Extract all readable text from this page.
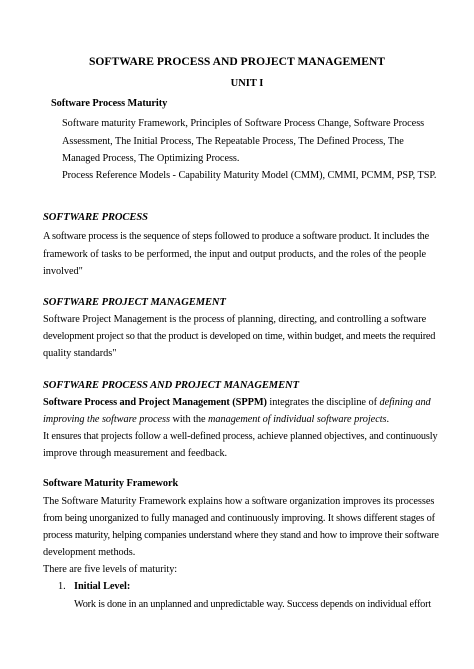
SOFTWARE PROCESS AND PROJECT MANAGEMENT
UNIT I
Software Process Maturity
Software maturity Framework, Principles of Software Process Change, Software Process
Assessment, The Initial Process, The Repeatable Process, The Defined Process, The
Managed Process, The Optimizing Process.
Process Reference Models - Capability Maturity Model (CMM), CMMI, PCMM, PSP, TSP.
SOFTWARE PROCESS
A software process is the sequence of steps followed to produce a software product. It includes the
framework of tasks to be performed, the input and output products, and the roles of the people
involved"
SOFTWARE PROJECT MANAGEMENT
Software Project Management is the process of planning, directing, and controlling a software
development project so that the product is developed on time, within budget, and meets the required
quality standards"
SOFTWARE PROCESS AND PROJECT MANAGEMENT
Software Process and Project Management (SPPM) integrates the discipline of defining and
improving the software process with the management of individual software projects.
It ensures that projects follow a well-defined process, achieve planned objectives, and continuously
improve through measurement and feedback.
Software Maturity Framework
The Software Maturity Framework explains how a software organization improves its processes
from being unorganized to fully managed and continuously improving. It shows different stages of
process maturity, helping companies understand where they stand and how to improve their software
development methods.
There are five levels of maturity:
1. Initial Level:
Work is done in an unplanned and unpredictable way. Success depends on individual effort
